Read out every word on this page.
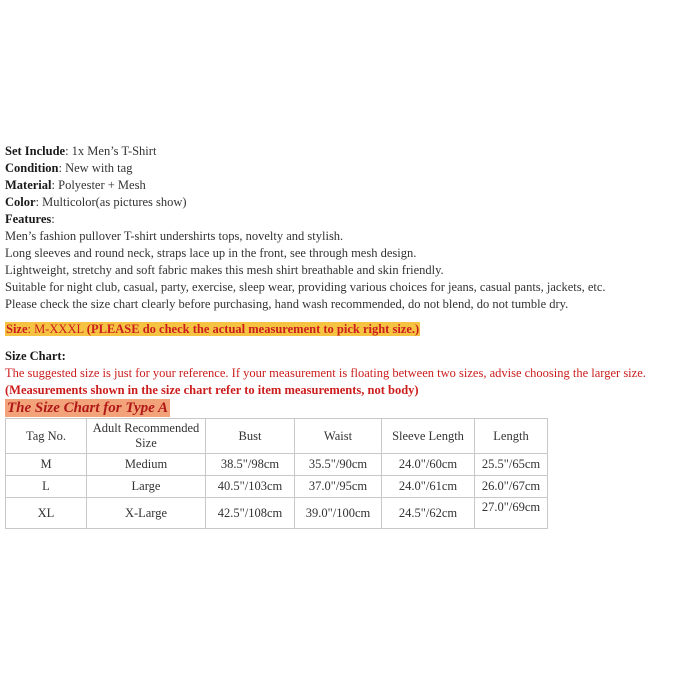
Set Include: 1x Men’s T-Shirt
Condition: New with tag
Material: Polyester + Mesh
Color: Multicolor(as pictures show)
Features:
Men’s fashion pullover T-shirt undershirts tops, novelty and stylish.
Long sleeves and round neck, straps lace up in the front, see through mesh design.
Lightweight, stretchy and soft fabric makes this mesh shirt breathable and skin friendly.
Suitable for night club, casual, party, exercise, sleep wear, providing various choices for jeans, casual pants, jackets, etc.
Please check the size chart clearly before purchasing, hand wash recommended, do not blend, do not tumble dry.
Size: M-XXXL (PLEASE do check the actual measurement to pick right size.)
Size Chart:
The suggested size is just for your reference. If your measurement is floating between two sizes, advise choosing the larger size.
(Measurements shown in the size chart refer to item measurements, not body)
The Size Chart for Type A
Tag No.	Adult Recommended Size	Bust	Waist	Sleeve Length	Length
M	Medium	38.5"/98cm	35.5"/90cm	24.0"/60cm	25.5"/65cm
L	Large	40.5"/103cm	37.0"/95cm	24.0"/61cm	26.0"/67cm
XL	X-Large	42.5"/108cm	39.0"/100cm	24.5"/62cm	27.0"/69cm
